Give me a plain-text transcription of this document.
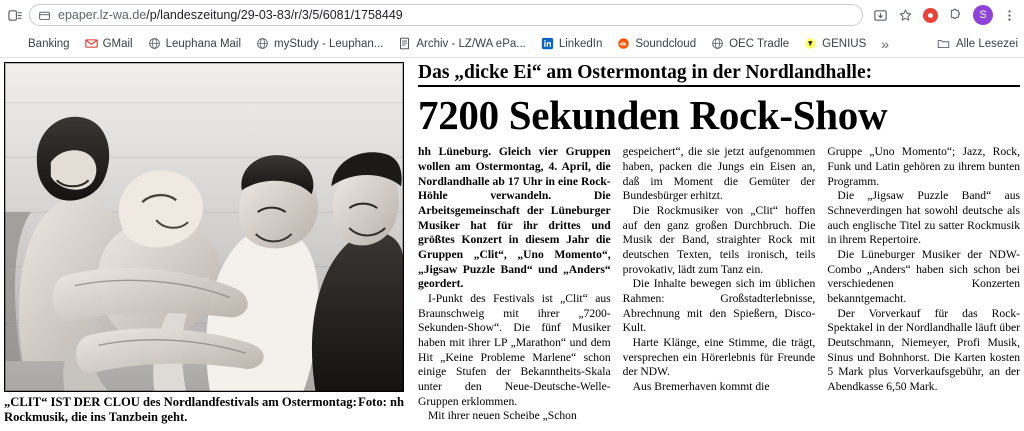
epaper.lz-wa.de/p/landeszeitung/29-03-83/r/3/5/6081/1758449	S
Banking	GMail	Leuphana Mail	myStudy - Leuphan...	Archiv - LZ/WA ePa...	LinkedIn	Soundcloud	OEC Tradle	GENIUS	»	Alle Lesezei
Foto: nh
„CLIT“ IST DER CLOU des Nordlandfestivals am Ostermontag: Rockmusik, die ins Tanzbein geht.
Das „dicke Ei“ am Ostermontag in der Nordlandhalle:
7200 Sekunden Rock-Show

hh Lüneburg. Gleich vier Gruppen wollen am Ostermontag, 4. April, die Nordlandhalle ab 17 Uhr in eine Rock-Höhle verwandeln. Die Arbeitsgemeinschaft der Lüneburger Musiker hat für ihr drittes und größtes Konzert in diesem Jahr die Gruppen „Clit“, „Uno Momento“, „Jigsaw Puzzle Band“ und „Anders“ geordert.

I-Punkt des Festivals ist „Clit“ aus Braunschweig mit ihrer „7200-Sekunden-Show“. Die fünf Musiker haben mit ihrer LP „Marathon“ und dem Hit „Keine Probleme Marlene“ schon einige Stufen der Bekanntheits-Skala unter den Neue-Deutsche-Welle-Gruppen erklommen.

Mit ihrer neuen Scheibe „Schon

gespeichert“, die sie jetzt aufgenommen haben, packen die Jungs ein Eisen an, daß im Moment die Gemüter der Bundesbürger erhitzt.

Die Rockmusiker von „Clit“ hoffen auf den ganz großen Durchbruch. Die Musik der Band, straighter Rock mit deutschen Texten, teils ironisch, teils provokativ, lädt zum Tanz ein.

Die Inhalte bewegen sich im üblichen Rahmen: Großstadterlebnisse, Abrechnung mit den Spießern, Disco-Kult.

Harte Klänge, eine Stimme, die trägt, versprechen ein Hörerlebnis für Freunde der NDW.

Aus Bremerhaven kommt die

Gruppe „Uno Momento“; Jazz, Rock, Funk und Latin gehören zu ihrem bunten Programm.

Die „Jigsaw Puzzle Band“ aus Schneverdingen hat sowohl deutsche als auch englische Titel zu satter Rockmusik in ihrem Repertoire.

Die Lüneburger Musiker der NDW-Combo „Anders“ haben sich schon bei verschiedenen Konzerten bekanntgemacht.

Der Vorverkauf für das Rock-Spektakel in der Nordlandhalle läuft über Deutschmann, Niemeyer, Profi Musik, Sinus und Bohnhorst. Die Karten kosten 5 Mark plus Vorverkaufsgebühr, an der Abendkasse 6,50 Mark.
